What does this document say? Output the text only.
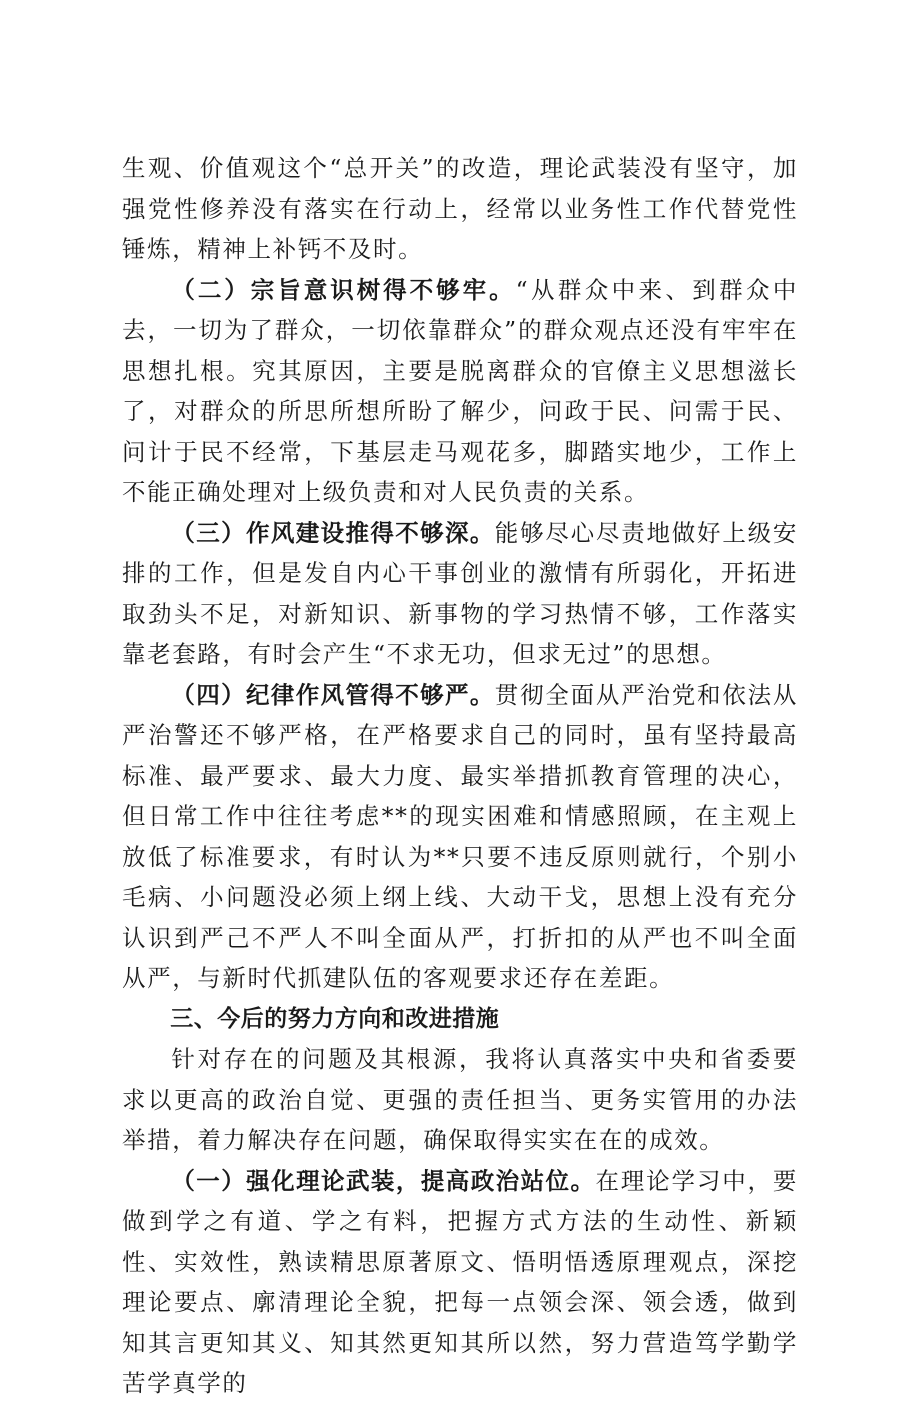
生观、价值观这个“总开关”的改造，理论武装没有坚守，加强党性修养没有落实在行动上，经常以业务性工作代替党性锤炼，精神上补钙不及时。

（二）宗旨意识树得不够牢。“从群众中来、到群众中去，一切为了群众，一切依靠群众”的群众观点还没有牢牢在思想扎根。究其原因，主要是脱离群众的官僚主义思想滋长了，对群众的所思所想所盼了解少，问政于民、问需于民、问计于民不经常，下基层走马观花多，脚踏实地少，工作上不能正确处理对上级负责和对人民负责的关系。

（三）作风建设推得不够深。能够尽心尽责地做好上级安排的工作，但是发自内心干事创业的激情有所弱化，开拓进取劲头不足，对新知识、新事物的学习热情不够，工作落实靠老套路，有时会产生“不求无功，但求无过”的思想。

（四）纪律作风管得不够严。贯彻全面从严治党和依法从严治警还不够严格，在严格要求自己的同时，虽有坚持最高标准、最严要求、最大力度、最实举措抓教育管理的决心，但日常工作中往往考虑**的现实困难和情感照顾，在主观上放低了标准要求，有时认为**只要不违反原则就行，个别小毛病、小问题没必须上纲上线、大动干戈，思想上没有充分认识到严己不严人不叫全面从严，打折扣的从严也不叫全面从严，与新时代抓建队伍的客观要求还存在差距。

三、今后的努力方向和改进措施

针对存在的问题及其根源，我将认真落实中央和省委要求以更高的政治自觉、更强的责任担当、更务实管用的办法举措，着力解决存在问题，确保取得实实在在的成效。

（一）强化理论武装，提高政治站位。在理论学习中，要做到学之有道、学之有料，把握方式方法的生动性、新颖性、实效性，熟读精思原著原文、悟明悟透原理观点，深挖理论要点、廓清理论全貌，把每一点领会深、领会透，做到知其言更知其义、知其然更知其所以然，努力营造笃学勤学苦学真学的
